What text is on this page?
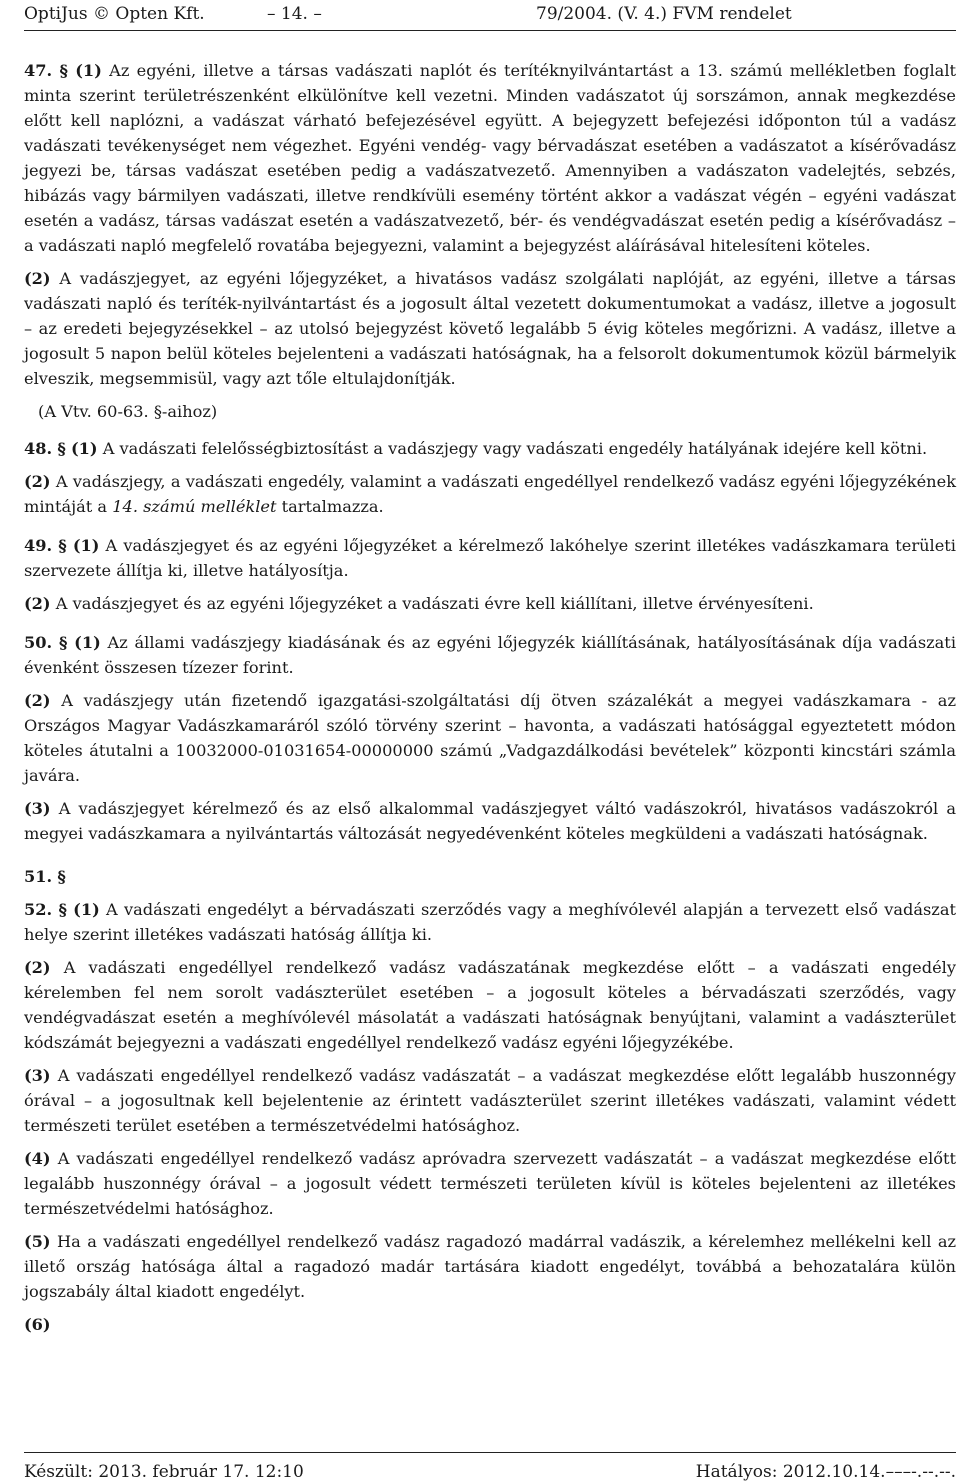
OptiJus © Opten Kft.	– 14. –	79/2004. (V. 4.) FVM rendelet

47. § (1) Az egyéni, illetve a társas vadászati naplót és terítéknyilvántartást a 13. számú mellékletben foglalt minta szerint területrészenként elkülönítve kell vezetni. Minden vadászatot új sorszámon, annak megkezdése előtt kell naplózni, a vadászat várható befejezésével együtt. A bejegyzett befejezési időponton túl a vadász vadászati tevékenységet nem végezhet. Egyéni vendég- vagy bérvadászat esetében a vadászatot a kísérővadász jegyezi be, társas vadászat esetében pedig a vadászatvezető. Amennyiben a vadászaton vadelejtés, sebzés, hibázás vagy bármilyen vadászati, illetve rendkívüli esemény történt akkor a vadászat végén – egyéni vadászat esetén a vadász, társas vadászat esetén a vadászatvezető, bér- és vendégvadászat esetén pedig a kísérővadász – a vadászati napló megfelelő rovatába bejegyezni, valamint a bejegyzést aláírásával hitelesíteni köteles.

(2) A vadászjegyet, az egyéni lőjegyzéket, a hivatásos vadász szolgálati naplóját, az egyéni, illetve a társas vadászati napló és teríték-nyilvántartást és a jogosult által vezetett dokumentumokat a vadász, illetve a jogosult – az eredeti bejegyzésekkel – az utolsó bejegyzést követő legalább 5 évig köteles megőrizni. A vadász, illetve a jogosult 5 napon belül köteles bejelenteni a vadászati hatóságnak, ha a felsorolt dokumentumok közül bármelyik elveszik, megsemmisül, vagy azt tőle eltulajdonítják.

(A Vtv. 60-63. §-aihoz)

48. § (1) A vadászati felelősségbiztosítást a vadászjegy vagy vadászati engedély hatályának idejére kell kötni.

(2) A vadászjegy, a vadászati engedély, valamint a vadászati engedéllyel rendelkező vadász egyéni lőjegyzékének mintáját a 14. számú melléklet tartalmazza.

49. § (1) A vadászjegyet és az egyéni lőjegyzéket a kérelmező lakóhelye szerint illetékes vadászkamara területi szervezete állítja ki, illetve hatályosítja.

(2) A vadászjegyet és az egyéni lőjegyzéket a vadászati évre kell kiállítani, illetve érvényesíteni.

50. § (1) Az állami vadászjegy kiadásának és az egyéni lőjegyzék kiállításának, hatályosításának díja vadászati évenként összesen tízezer forint.

(2) A vadászjegy után fizetendő igazgatási-szolgáltatási díj ötven százalékát a megyei vadászkamara - az Országos Magyar Vadászkamaráról szóló törvény szerint – havonta, a vadászati hatósággal egyeztetett módon köteles átutalni a 10032000-01031654-00000000 számú „Vadgazdálkodási bevételek” központi kincstári számla javára.

(3) A vadászjegyet kérelmező és az első alkalommal vadászjegyet váltó vadászokról, hivatásos vadászokról a megyei vadászkamara a nyilvántartás változását negyedévenként köteles megküldeni a vadászati hatóságnak.

51. §

52. § (1) A vadászati engedélyt a bérvadászati szerződés vagy a meghívólevél alapján a tervezett első vadászat helye szerint illetékes vadászati hatóság állítja ki.

(2) A vadászati engedéllyel rendelkező vadász vadászatának megkezdése előtt – a vadászati engedély kérelemben fel nem sorolt vadászterület esetében – a jogosult köteles a bérvadászati szerződés, vagy vendégvadászat esetén a meghívólevél másolatát a vadászati hatóságnak benyújtani, valamint a vadászterület kódszámát bejegyezni a vadászati engedéllyel rendelkező vadász egyéni lőjegyzékébe.

(3) A vadászati engedéllyel rendelkező vadász vadászatát – a vadászat megkezdése előtt legalább huszonnégy órával – a jogosultnak kell bejelentenie az érintett vadászterület szerint illetékes vadászati, valamint védett természeti terület esetében a természetvédelmi hatósághoz.

(4) A vadászati engedéllyel rendelkező vadász apróvadra szervezett vadászatát – a vadászat megkezdése előtt legalább huszonnégy órával – a jogosult védett természeti területen kívül is köteles bejelenteni az illetékes természetvédelmi hatósághoz.

(5) Ha a vadászati engedéllyel rendelkező vadász ragadozó madárral vadászik, a kérelemhez mellékelni kell az illető ország hatósága által a ragadozó madár tartására kiadott engedélyt, továbbá a behozatalára külön jogszabály által kiadott engedélyt.

(6)

Készült: 2013. február 17. 12:10	Hatályos: 2012.10.14.–––-.--.--.
